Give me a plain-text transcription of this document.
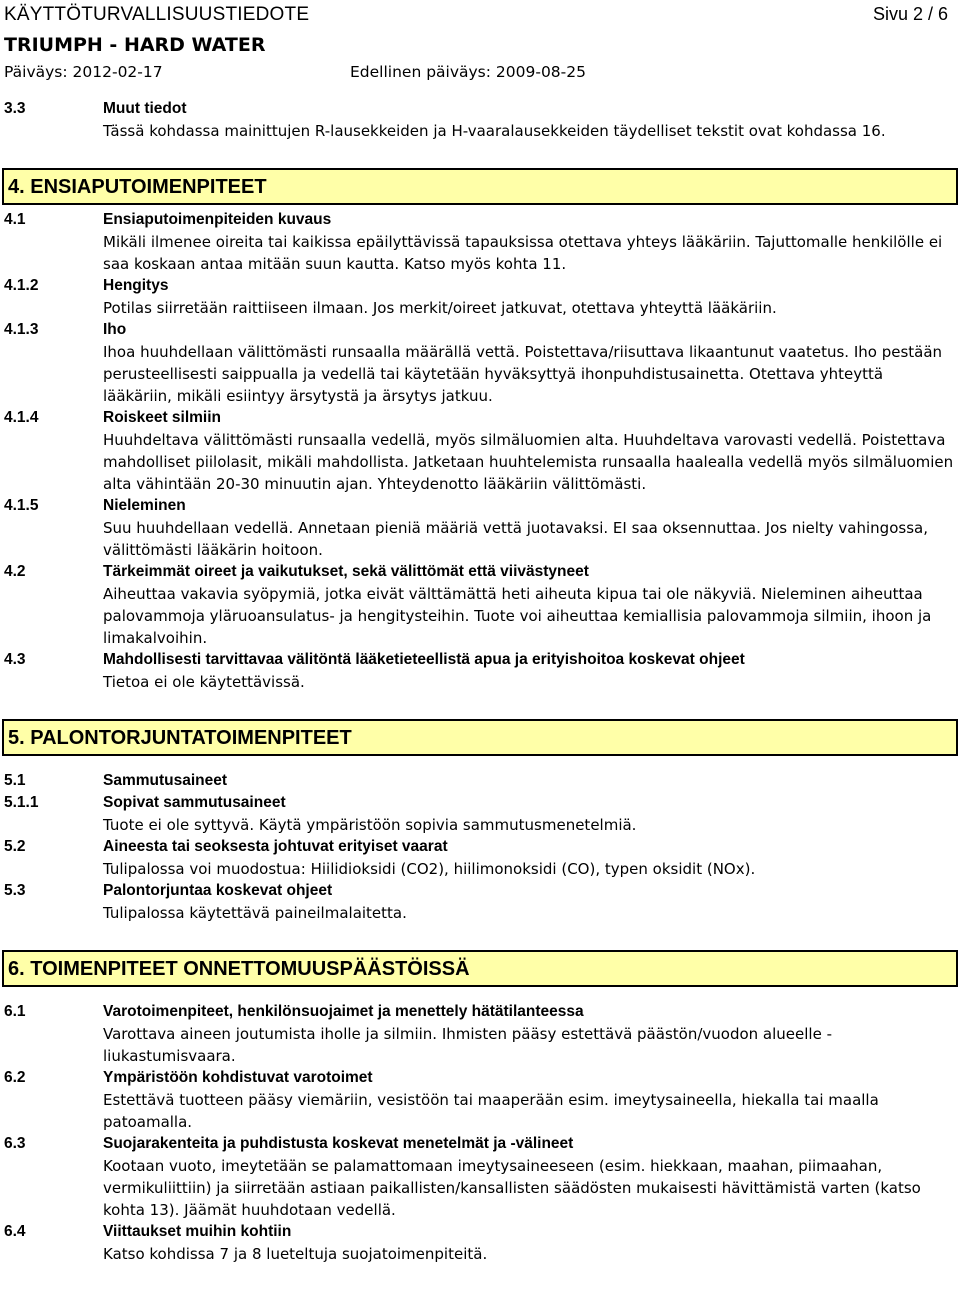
KÄYTTÖTURVALLISUUSTIEDOTE	Sivu 2 / 6
TRIUMPH - HARD WATER
Päiväys: 2012-02-17	Edellinen päiväys: 2009-08-25
3.3	Muut tiedot
Tässä kohdassa mainittujen R-lausekkeiden ja H-vaaralausekkeiden täydelliset tekstit ovat kohdassa 16.
4. ENSIAPUTOIMENPITEET
4.1	Ensiaputoimenpiteiden kuvaus
Mikäli ilmenee oireita tai kaikissa epäilyttävissä tapauksissa otettava yhteys lääkäriin. Tajuttomalle henkilölle ei saa koskaan antaa mitään suun kautta. Katso myös kohta 11.
4.1.2	Hengitys
Potilas siirretään raittiiseen ilmaan. Jos merkit/oireet jatkuvat, otettava yhteyttä lääkäriin.
4.1.3	Iho
Ihoa huuhdellaan välittömästi runsaalla määrällä vettä. Poistettava/riisuttava likaantunut vaatetus. Iho pestään perusteellisesti saippualla ja vedellä tai käytetään hyväksyttyä ihonpuhdistusainetta. Otettava yhteyttä lääkäriin, mikäli esiintyy ärsytystä ja ärsytys jatkuu.
4.1.4	Roiskeet silmiin
Huuhdeltava välittömästi runsaalla vedellä, myös silmäluomien alta. Huuhdeltava varovasti vedellä. Poistettava mahdolliset piilolasit, mikäli mahdollista. Jatketaan huuhtelemista runsaalla haalealla vedellä myös silmäluomien alta vähintään 20-30 minuutin ajan. Yhteydenotto lääkäriin välittömästi.
4.1.5	Nieleminen
Suu huuhdellaan vedellä. Annetaan pieniä määriä vettä juotavaksi. EI saa oksennuttaa. Jos nielty vahingossa, välittömästi lääkärin hoitoon.
4.2	Tärkeimmät oireet ja vaikutukset, sekä välittömät että viivästyneet
Aiheuttaa vakavia syöpymiä, jotka eivät välttämättä heti aiheuta kipua tai ole näkyviä. Nieleminen aiheuttaa palovammoja yläruoansulatus- ja hengitysteihin. Tuote voi aiheuttaa kemiallisia palovammoja silmiin, ihoon ja limakalvoihin.
4.3	Mahdollisesti tarvittavaa välitöntä lääketieteellistä apua ja erityishoitoa koskevat ohjeet
Tietoa ei ole käytettävissä.
5. PALONTORJUNTATOIMENPITEET
5.1	Sammutusaineet
5.1.1	Sopivat sammutusaineet
Tuote ei ole syttyvä. Käytä ympäristöön sopivia sammutusmenetelmiä.
5.2	Aineesta tai seoksesta johtuvat erityiset vaarat
Tulipalossa voi muodostua: Hiilidioksidi (CO2), hiilimonoksidi (CO), typen oksidit (NOx).
5.3	Palontorjuntaa koskevat ohjeet
Tulipalossa käytettävä paineilmalaitetta.
6. TOIMENPITEET ONNETTOMUUSPÄÄSTÖISSÄ
6.1	Varotoimenpiteet, henkilönsuojaimet ja menettely hätätilanteessa
Varottava aineen joutumista iholle ja silmiin. Ihmisten pääsy estettävä päästön/vuodon alueelle - liukastumisvaara.
6.2	Ympäristöön kohdistuvat varotoimet
Estettävä tuotteen pääsy viemäriin, vesistöön tai maaperään esim. imeytysaineella, hiekalla tai maalla patoamalla.
6.3	Suojarakenteita ja puhdistusta koskevat menetelmät ja -välineet
Kootaan vuoto, imeytetään se palamattomaan imeytysaineeseen (esim. hiekkaan, maahan, piimaahan, vermikuliittiin) ja siirretään astiaan paikallisten/kansallisten säädösten mukaisesti hävittämistä varten (katso kohta 13). Jäämät huuhdotaan vedellä.
6.4	Viittaukset muihin kohtiin
Katso kohdissa 7 ja 8 lueteltuja suojatoimenpiteitä.
